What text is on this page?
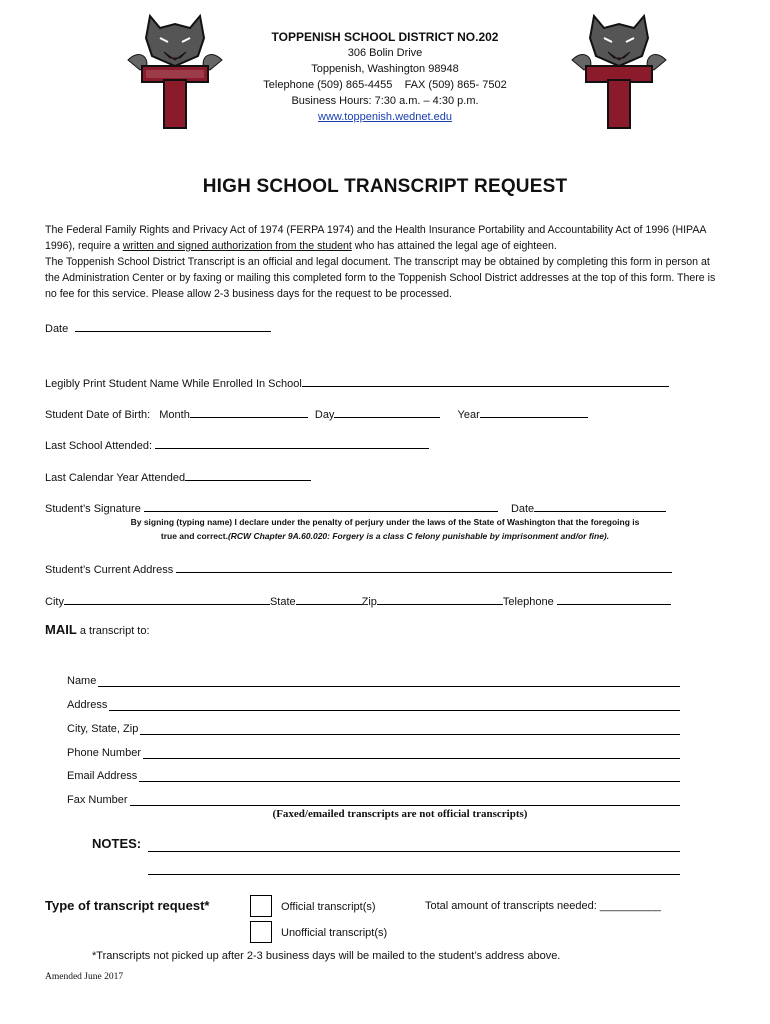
TOPPENISH SCHOOL DISTRICT NO.202
306 Bolin Drive
Toppenish, Washington 98948
Telephone (509) 865-4455    FAX (509) 865- 7502
Business Hours: 7:30 a.m. – 4:30 p.m.
www.toppenish.wednet.edu
HIGH SCHOOL TRANSCRIPT REQUEST
The Federal Family Rights and Privacy Act of 1974 (FERPA 1974) and the Health Insurance Portability and Accountability Act of 1996 (HIPAA 1996), require a written and signed authorization from the student who has attained the legal age of eighteen.
The Toppenish School District Transcript is an official and legal document. The transcript may be obtained by completing this form in person at the Administration Center or by faxing or mailing this completed form to the Toppenish School District addresses at the top of this form. There is no fee for this service. Please allow 2-3 business days for the request to be processed.
Date
Legibly Print Student Name While Enrolled In School
Student Date of Birth: Month	Day	Year
Last School Attended:
Last Calendar Year Attended
Student’s Signature	Date
By signing (typing name) I declare under the penalty of perjury under the laws of the State of Washington that the foregoing is
true and correct.(RCW Chapter 9A.60.020: Forgery is a class C felony punishable by imprisonment and/or fine).
Student’s Current Address
City	State	Zip	Telephone
MAIL a transcript to:
Name
Address
City, State, Zip
Phone Number
Email Address
Fax Number
(Faxed/emailed transcripts are not official transcripts)
NOTES:
Type of transcript request*	Official transcript(s)	Total amount of transcripts needed: __________
Unofficial transcript(s)
*Transcripts not picked up after 2-3 business days will be mailed to the student’s address above.
Amended June 2017
